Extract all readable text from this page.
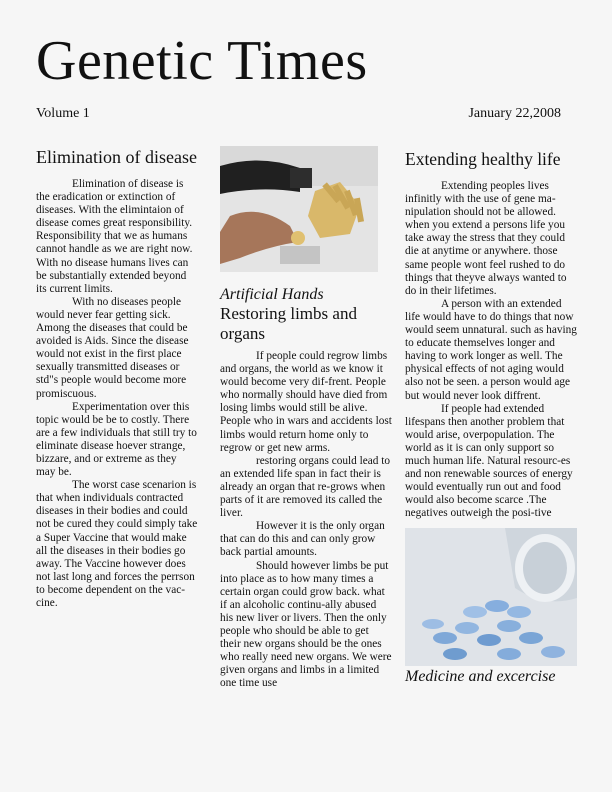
Genetic Times
Volume 1	January 22,2008
Elimination of disease

Elimination of disease is the eradication or extinction of diseases. With the elimintaion of disease comes great responsibility. Responsibility that we as humans cannot handle as we are right now. With no disease humans lives can be substantially extended beyond its current limits.

With no diseases people would never fear getting sick. Among the diseases that could be avoided is Aids. Since the disease would not exist in the first place sexually transmitted diseases or std"s people would become more promiscuous.

Experimentation over this topic would be be to costly. There are a few individuals that still try to eliminate disease hoever strange, bizzare, and or extreme as they may be.

The worst case scenarion is that when individuals contracted diseases in their bodies and could not be cured they could simply take a Super Vaccine that would make all the diseases in their bodies go away. The Vaccine however does not last long and forces the perrson to become dependent on the vac-cine.

Artificial Hands
Restoring limbs and organs

If people could regrow limbs and organs, the world as we know it would become very dif-frent. People who normally should have died from losing limbs would still be alive. People who in wars and accidents lost limbs would return home only to regrow or get new arms.

restoring organs could lead to an extended life span in fact their is already an organ that re-grows when parts of it are removed its called the liver.

However it is the only organ that can do this and can only grow back partial amounts.

Should however limbs be put into place as to how many times a certain organ could grow back. what if an alcoholic continu-ally abused his new liver or livers. Then the only people who should be able to get their new organs should be the ones who really need new organs. We were given organs and limbs in a limited one time use

Extending healthy life

Extending peoples lives infinitly with the use of gene ma-nipulation should not be allowed. when you extend a persons life you take away the stress that they could die at anytime or anywhere. those same people wont feel rushed to do things that theyve always wanted to do in their lifetimes.

A person with an extended life would have to do things that now would seem unnatural. such as having to educate themselves longer and having to work longer as well. The physical effects of not aging would also not be seen. a person would age but would never look diffrent.

If people had extended lifespans then another problem that would arise, overpopulation. The world as it is can only support so much human life. Natural resourc-es and non renewable sources of energy would eventually run out and food would also become scarce .The negatives outweigh the posi-tive

Medicine and excercise
